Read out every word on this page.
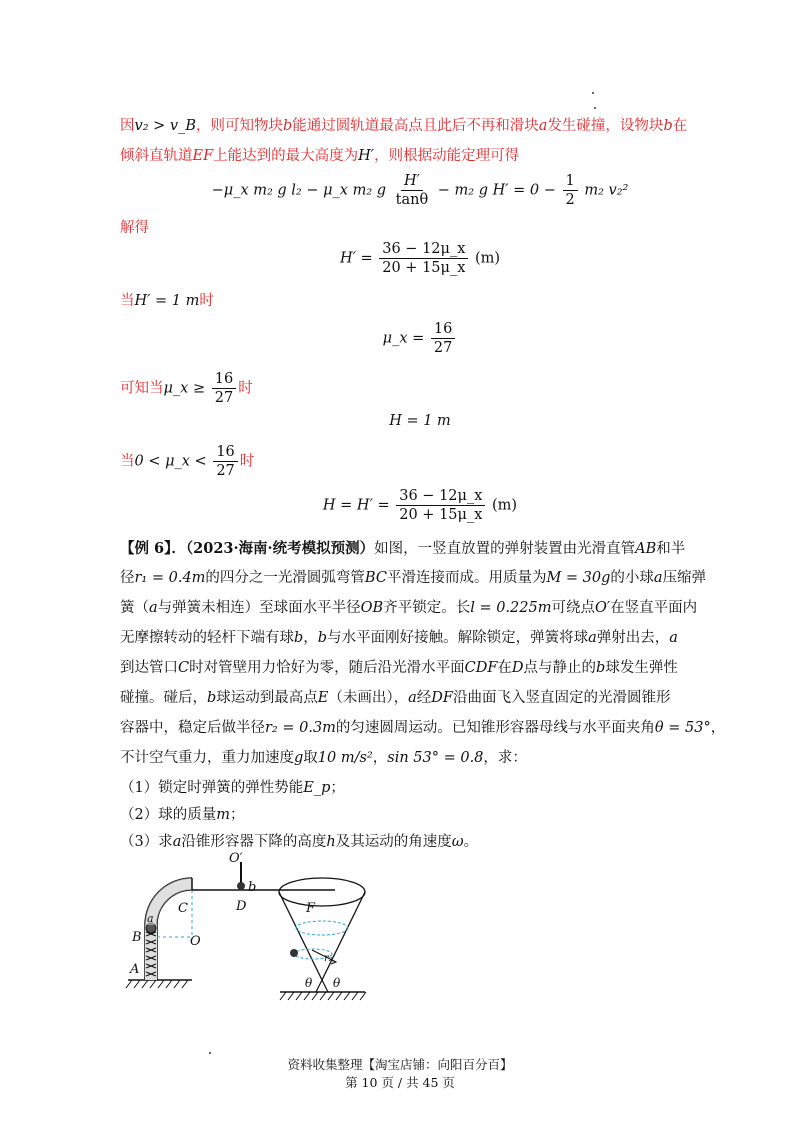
因v₂ > v_B，则可知物块b能通过圆轨道最高点且此后不再和滑块a发生碰撞，设物块b在
倾斜直轨道EF上能达到的最大高度为H′，则根据动能定理可得
−μ_x m₂ g l₂ − μ_x m₂ g $\frac{H'}{\tan\theta} - m_2$ g $H' = 0 - \frac{1}{2} m_2$ v₂²
解得
$H' = \frac{36 - 12\mu\_x}{20 + 15\mu\_x} (m)$
当H′ = 1 m时
μ_x = $\frac{16}{27}$
可知当μ_x ≥ $\frac{16}{27}$ 时
H = 1 m
当0 < μ_x < $\frac{16}{27}$ 时
$H = H' = \frac{36 - 12\mu\_x}{20 + 15\mu\_x} (m)$
【例 6】．（2023·海南·统考模拟预测）如图，一竖直放置的弹射装置由光滑直管AB和半
径r₁ = 0.4m的四分之一光滑圆弧弯管BC平滑连接而成。用质量为M = 30g的小球a压缩弹
簧（a与弹簧未相连）至球面水平半径OB齐平锁定。长l = 0.225m可绕点O′在竖直平面内
无摩擦转动的轻杆下端有球b，b与水平面刚好接触。解除锁定，弹簧将球a弹射出去，a
到达管口C时对管壁用力恰好为零，随后沿光滑水平面CDF在D点与静止的b球发生弹性
碰撞。碰后，b球运动到最高点E（未画出），a经DF沿曲面飞入竖直固定的光滑圆锥形
容器中，稳定后做半径r₂ = 0.3m的匀速圆周运动。已知锥形容器母线与水平面夹角θ = 53°，
不计空气重力，重力加速度g取10 m/s²，sin 53° = 0.8，求：
（1）锁定时弹簧的弹性势能E_p；
（2）球的质量m；
（3）求a沿锥形容器下降的高度h及其运动的角速度ω。
O′
b
C	D	F
a
B	O
A
r₂
θ θ
资料收集整理【淘宝店铺：向阳百分百】
第 10 页 / 共 45 页
